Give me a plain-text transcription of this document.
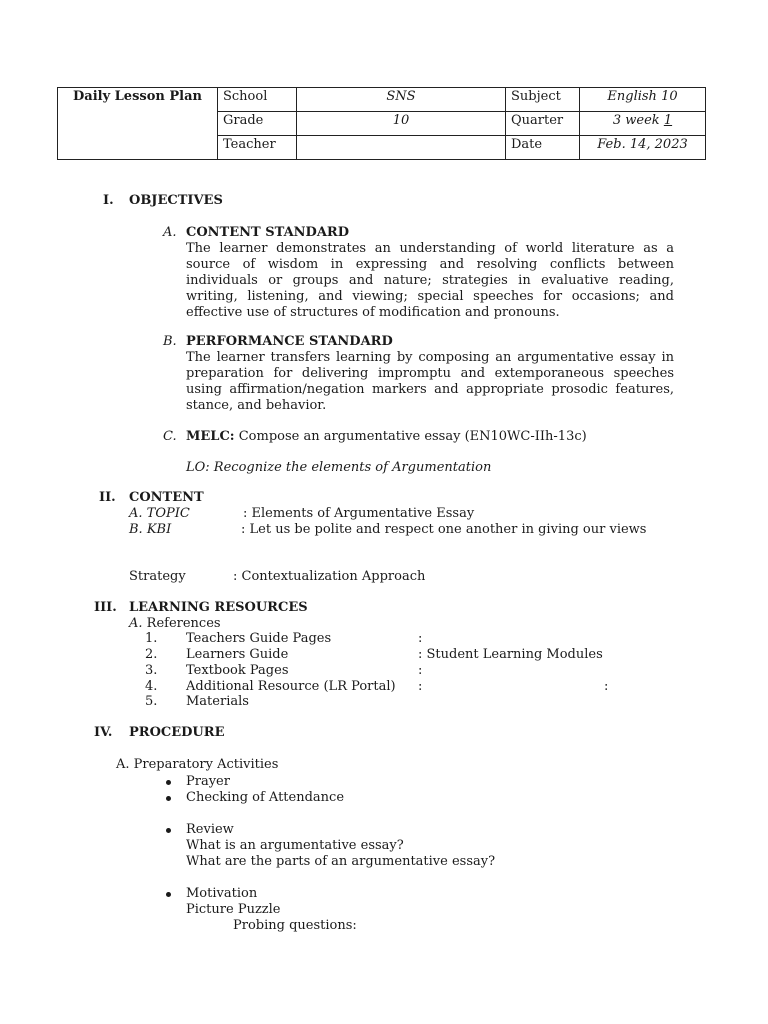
Daily Lesson Plan	School	SNS	Subject	English 10
	Grade	10	Quarter	3 week 1
	Teacher		Date	Feb. 14, 2023
I. OBJECTIVES
A. CONTENT STANDARD
The learner demonstrates an understanding of world literature as a source of wisdom in expressing and resolving conflicts between individuals or groups and nature; strategies in evaluative reading, writing, listening, and viewing; special speeches for occasions; and effective use of structures of modification and pronouns.
B. PERFORMANCE STANDARD
The learner transfers learning by composing an argumentative essay in preparation for delivering impromptu and extemporaneous speeches using affirmation/negation markers and appropriate prosodic features, stance, and behavior.
C. MELC: Compose an argumentative essay (EN10WC-IIh-13c)
LO: Recognize the elements of Argumentation
II. CONTENT
A. TOPIC	: Elements of Argumentative Essay
B. KBI	: Let us be polite and respect one another in giving our views
Strategy	: Contextualization Approach
III. LEARNING RESOURCES
A. References
1. Teachers Guide Pages	:
2. Learners Guide	: Student Learning Modules
3. Textbook Pages	:
4. Additional Resource (LR Portal) :	:
5. Materials
IV. PROCEDURE
A. Preparatory Activities
Prayer
Checking of Attendance
Review
What is an argumentative essay?
What are the parts of an argumentative essay?
Motivation
Picture Puzzle
Probing questions:
